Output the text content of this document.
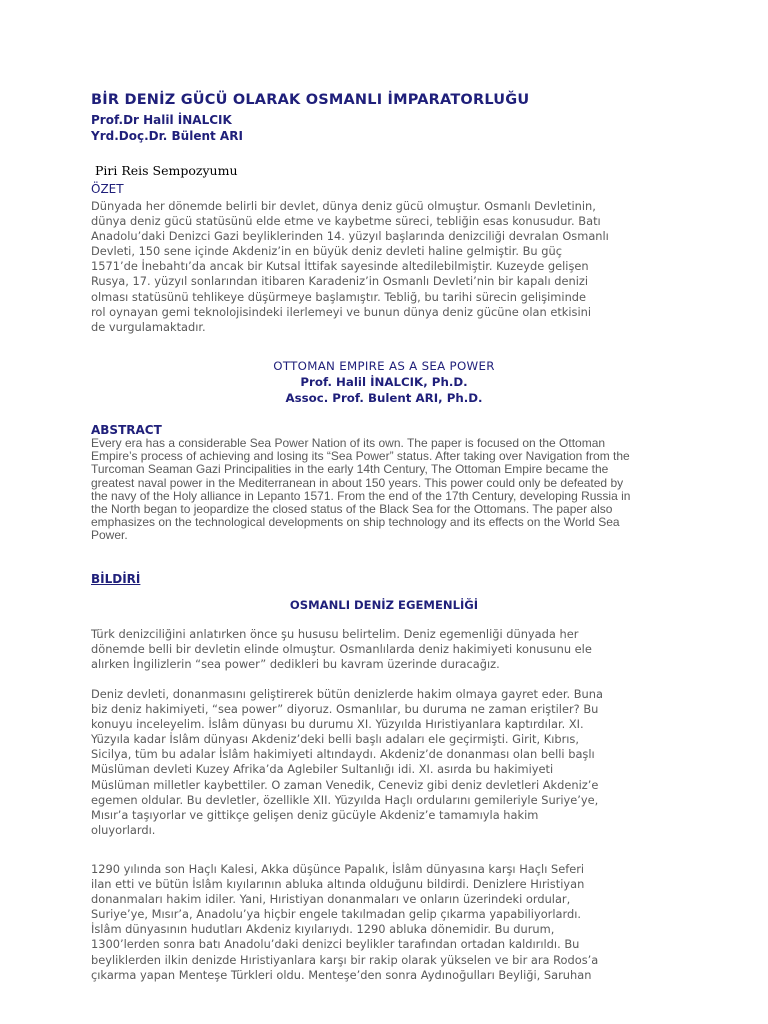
BİR DENİZ GÜCÜ OLARAK OSMANLI İMPARATORLUĞU

Prof.Dr Halil İNALCIK

Yrd.Doç.Dr. Bülent ARI

Piri Reis Sempozyumu

ÖZET

Dünyada her dönemde belirli bir devlet, dünya deniz gücü olmuştur. Osmanlı Devletinin,
dünya deniz gücü statüsünü elde etme ve kaybetme süreci, tebliğin esas konusudur. Batı
Anadolu’daki Denizci Gazi beyliklerinden 14. yüzyıl başlarında denizciliği devralan Osmanlı
Devleti, 150 sene içinde Akdeniz’in en büyük deniz devleti haline gelmiştir. Bu güç
1571’de İnebahtı’da ancak bir Kutsal İttifak sayesinde altedilebilmiştir. Kuzeyde gelişen
Rusya, 17. yüzyıl sonlarından itibaren Karadeniz’in Osmanlı Devleti’nin bir kapalı denizi
olması statüsünü tehlikeye düşürmeye başlamıştır. Tebliğ, bu tarihi sürecin gelişiminde
rol oynayan gemi teknolojisindeki ilerlemeyi ve bunun dünya deniz gücüne olan etkisini
de vurgulamaktadır.

OTTOMAN EMPIRE AS A SEA POWER
Prof. Halil İNALCIK, Ph.D.
Assoc. Prof. Bulent ARI, Ph.D.

ABSTRACT

Every era has a considerable Sea Power Nation of its own. The paper is focused on the Ottoman
Empire’s process of achieving and losing its “Sea Power” status. After taking over Navigation from the
Turcoman Seaman Gazi Principalities in the early 14th Century, The Ottoman Empire became the
greatest naval power in the Mediterranean in about 150 years. This power could only be defeated by
the navy of the Holy alliance in Lepanto 1571. From the end of the 17th Century, developing Russia in
the North began to jeopardize the closed status of the Black Sea for the Ottomans. The paper also
emphasizes on the technological developments on ship technology and its effects on the World Sea
Power.

BİLDİRİ

OSMANLI DENİZ EGEMENLİĞİ

Türk denizciliğini anlatırken önce şu hususu belirtelim. Deniz egemenliği dünyada her
dönemde belli bir devletin elinde olmuştur. Osmanlılarda deniz hakimiyeti konusunu ele
alırken İngilizlerin “sea power” dedikleri bu kavram üzerinde duracağız.

Deniz devleti, donanmasını geliştirerek bütün denizlerde hakim olmaya gayret eder. Buna
biz deniz hakimiyeti, “sea power” diyoruz. Osmanlılar, bu duruma ne zaman eriştiler? Bu
konuyu inceleyelim. İslâm dünyası bu durumu XI. Yüzyılda Hıristiyanlara kaptırdılar. XI.
Yüzyıla kadar İslâm dünyası Akdeniz’deki belli başlı adaları ele geçirmişti. Girit, Kıbrıs,
Sicilya, tüm bu adalar İslâm hakimiyeti altındaydı. Akdeniz’de donanması olan belli başlı
Müslüman devleti Kuzey Afrika’da Aglebiler Sultanlığı idi. XI. asırda bu hakimiyeti
Müslüman milletler kaybettiler. O zaman Venedik, Ceneviz gibi deniz devletleri Akdeniz’e
egemen oldular. Bu devletler, özellikle XII. Yüzyılda Haçlı ordularını gemileriyle Suriye’ye,
Mısır’a taşıyorlar ve gittikçe gelişen deniz gücüyle Akdeniz’e tamamıyla hakim
oluyorlardı.

1290 yılında son Haçlı Kalesi, Akka düşünce Papalık, İslâm dünyasına karşı Haçlı Seferi
ilan etti ve bütün İslâm kıyılarının abluka altında olduğunu bildirdi. Denizlere Hıristiyan
donanmaları hakim idiler. Yani, Hıristiyan donanmaları ve onların üzerindeki ordular,
Suriye’ye, Mısır’a, Anadolu’ya hiçbir engele takılmadan gelip çıkarma yapabiliyorlardı.
İslâm dünyasının hudutları Akdeniz kıyılarıydı. 1290 abluka dönemidir. Bu durum,
1300’lerden sonra batı Anadolu’daki denizci beylikler tarafından ortadan kaldırıldı. Bu
beyliklerden ilkin denizde Hıristiyanlara karşı bir rakip olarak yükselen ve bir ara Rodos’a
çıkarma yapan Menteşe Türkleri oldu. Menteşe’den sonra Aydınoğulları Beyliği, Saruhan
